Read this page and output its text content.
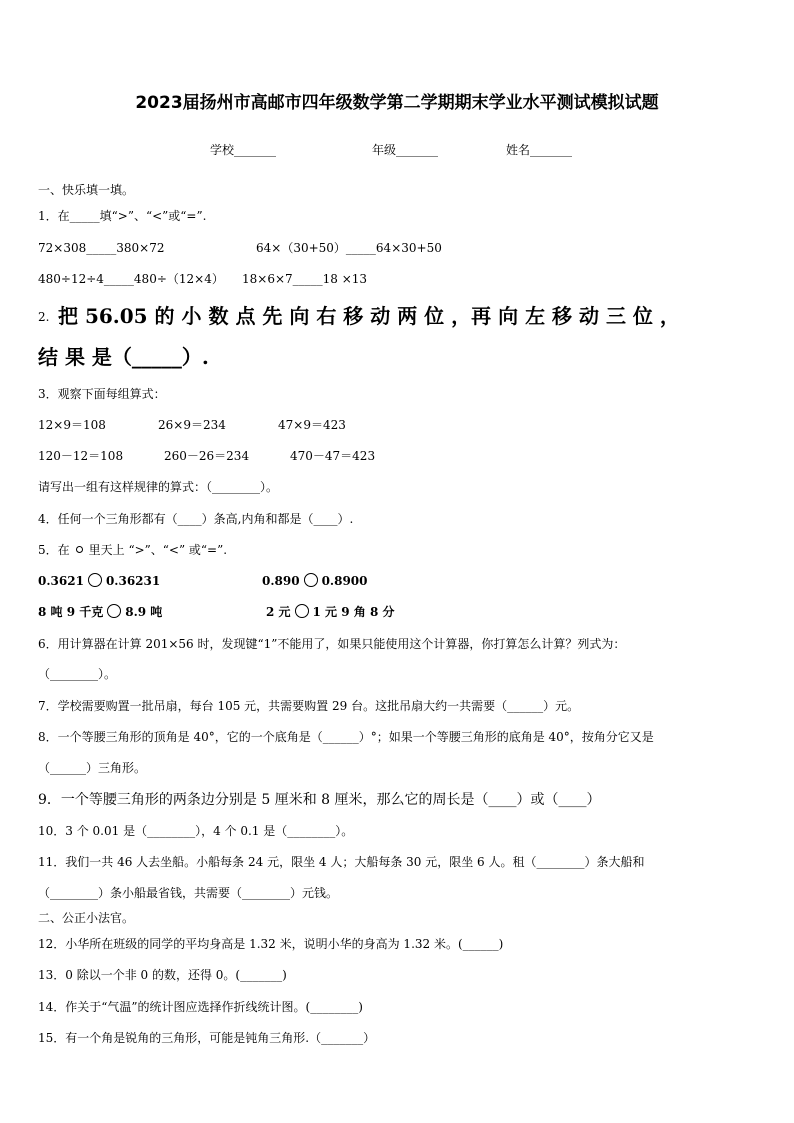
2023届扬州市高邮市四年级数学第二学期期末学业水平测试模拟试题
学校_______	年级_______	姓名_______
一、快乐填一填。
1．在_____填“>”、“<”或“=”.
72×308_____380×72	64×（30+50）_____64×30+50
480÷12÷4_____480÷（12×4） 18×6×7_____18 ×13
2. 把 56.05 的 小 数 点 先 向 右 移 动 两 位 ，再 向 左 移 动 三 位 ，
结 果 是（_____）.
3．观察下面每组算式：
12×9＝108	26×9＝234	47×9＝423
120－12＝108	260－26＝234	470－47＝423
请写出一组有这样规律的算式：（________）。
4．任何一个三角形都有（____）条高,内角和都是（____）.
5．在 里天上 “>”、“<” 或“=”.
0.3621 0.36231	0.890 0.8900
8 吨 9 千克 8.9 吨	2 元 1 元 9 角 8 分
6．用计算器在计算 201×56 时，发现键“1”不能用了，如果只能使用这个计算器，你打算怎么计算？列式为：
（________）。
7．学校需要购置一批吊扇，每台 105 元，共需要购置 29 台。这批吊扇大约一共需要（______）元。
8．一个等腰三角形的顶角是 40°，它的一个底角是（______）°；如果一个等腰三角形的底角是 40°，按角分它又是
（______）三角形。
9．一个等腰三角形的两条边分别是 5 厘米和 8 厘米，那么它的周长是（____）或（____）
10．3 个 0.01 是（________），4 个 0.1 是（________）。
11．我们一共 46 人去坐船。小船每条 24 元，限坐 4 人；大船每条 30 元，限坐 6 人。租（________）条大船和
（________）条小船最省钱，共需要（________）元钱。
二、公正小法官。
12．小华所在班级的同学的平均身高是 1.32 米，说明小华的身高为 1.32 米。(______)
13．0 除以一个非 0 的数，还得 0。(_______)
14．作关于“气温”的统计图应选择作折线统计图。(________)
15．有一个角是锐角的三角形，可能是钝角三角形.（_______）
